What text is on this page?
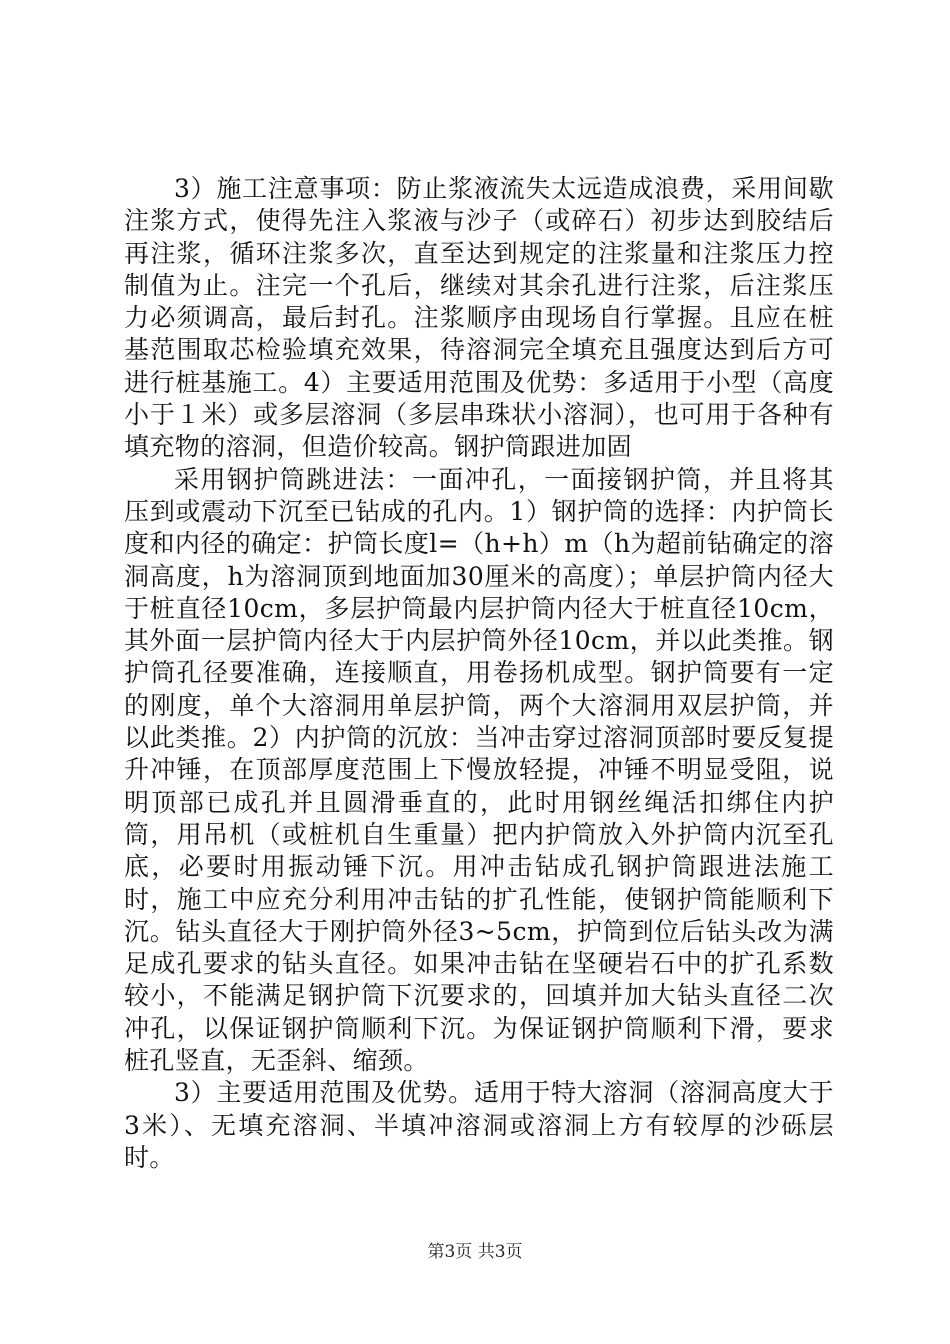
3）施工注意事项：防止浆液流失太远造成浪费，采用间歇注浆方式，使得先注入浆液与沙子（或碎石）初步达到胶结后再注浆，循环注浆多次，直至达到规定的注浆量和注浆压力控制值为止。注完一个孔后，继续对其余孔进行注浆，后注浆压力必须调高，最后封孔。注浆顺序由现场自行掌握。且应在桩基范围取芯检验填充效果，待溶洞完全填充且强度达到后方可进行桩基施工。4）主要适用范围及优势：多适用于小型（高度小于１米）或多层溶洞（多层串珠状小溶洞），也可用于各种有填充物的溶洞，但造价较高。钢护筒跟进加固

采用钢护筒跳进法：一面冲孔，一面接钢护筒，并且将其压到或震动下沉至已钻成的孔内。1）钢护筒的选择：内护筒长度和内径的确定：护筒长度l=（h+h）m（h为超前钻确定的溶洞高度，h为溶洞顶到地面加30厘米的高度）；单层护筒内径大于桩直径10cm，多层护筒最内层护筒内径大于桩直径10cm，其外面一层护筒内径大于内层护筒外径10cm，并以此类推。钢护筒孔径要准确，连接顺直，用卷扬机成型。钢护筒要有一定的刚度，单个大溶洞用单层护筒，两个大溶洞用双层护筒，并以此类推。2）内护筒的沉放：当冲击穿过溶洞顶部时要反复提升冲锤，在顶部厚度范围上下慢放轻提，冲锤不明显受阻，说明顶部已成孔并且圆滑垂直的，此时用钢丝绳活扣绑住内护筒，用吊机（或桩机自生重量）把内护筒放入外护筒内沉至孔底，必要时用振动锤下沉。用冲击钻成孔钢护筒跟进法施工时，施工中应充分利用冲击钻的扩孔性能，使钢护筒能顺利下沉。钻头直径大于刚护筒外径3~5cm，护筒到位后钻头改为满足成孔要求的钻头直径。如果冲击钻在坚硬岩石中的扩孔系数较小，不能满足钢护筒下沉要求的，回填并加大钻头直径二次冲孔，以保证钢护筒顺利下沉。为保证钢护筒顺利下滑，要求桩孔竖直，无歪斜、缩颈。

3）主要适用范围及优势。适用于特大溶洞（溶洞高度大于3米）、无填充溶洞、半填冲溶洞或溶洞上方有较厚的沙砾层时。

第3页 共3页
